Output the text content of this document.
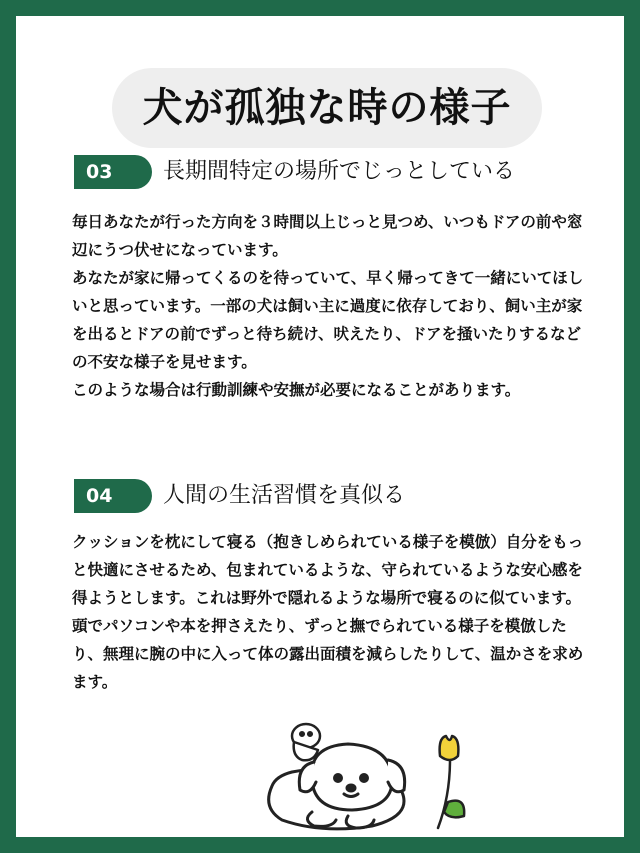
犬が孤独な時の様子
03	長期間特定の場所でじっとしている

毎日あなたが行った方向を３時間以上じっと見つめ、いつもドアの前や窓辺にうつ伏せになっています。

あなたが家に帰ってくるのを待っていて、早く帰ってきて一緒にいてほしいと思っています。一部の犬は飼い主に過度に依存しており、飼い主が家を出るとドアの前でずっと待ち続け、吠えたり、ドアを掻いたりするなどの不安な様子を見せます。

このような場合は行動訓練や安撫が必要になることがあります。

04	人間の生活習慣を真似る

クッションを枕にして寝る（抱きしめられている様子を模倣）自分をもっと快適にさせるため、包まれているような、守られているような安心感を得ようとします。これは野外で隠れるような場所で寝るのに似ています。頭でパソコンや本を押さえたり、ずっと撫でられている様子を模倣したり、無理に腕の中に入って体の露出面積を減らしたりして、温かさを求めます。
